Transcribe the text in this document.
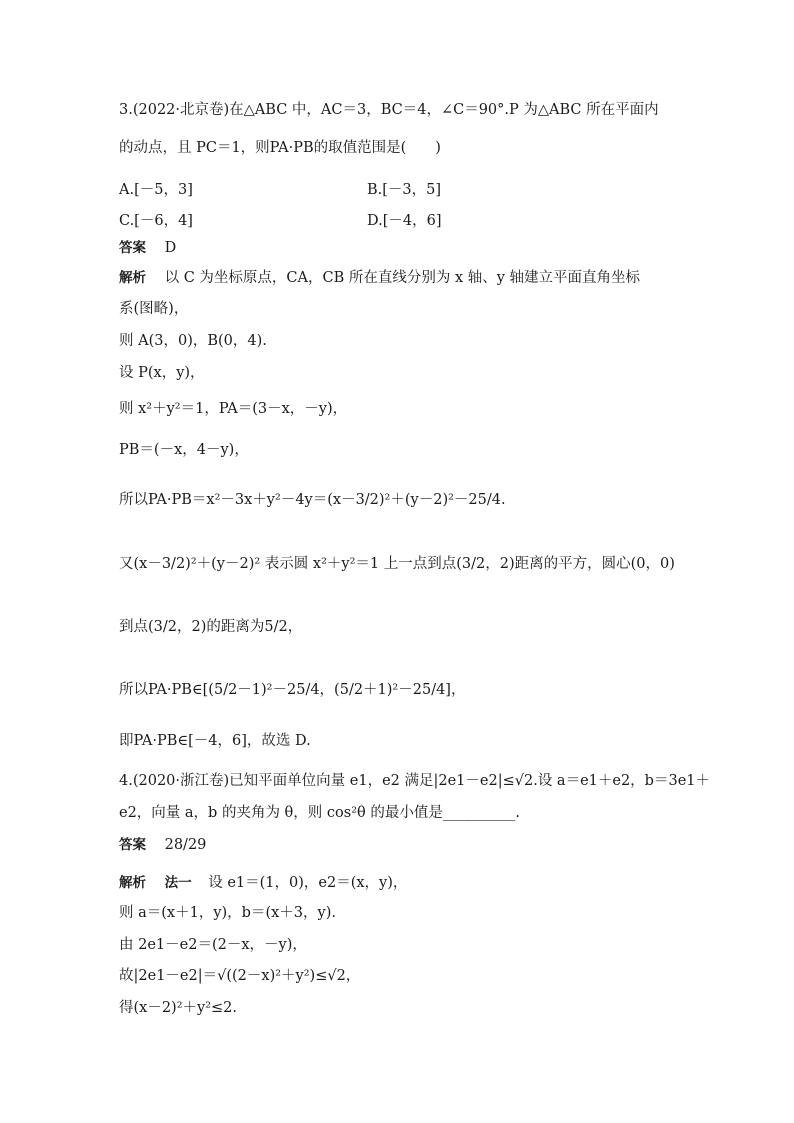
3.(2022·北京卷)在△ABC 中，AC＝3，BC＝4，∠C＝90°.P 为△ABC 所在平面内
的动点，且 PC＝1，则PA·PB的取值范围是(　　)
A.[－5，3]	B.[－3，5]
C.[－6，4]	D.[－4，6]
答案 D
解析 以 C 为坐标原点，CA，CB 所在直线分别为 x 轴、y 轴建立平面直角坐标
系(图略)，
则 A(3，0)，B(0，4).
设 P(x，y)，
则 x²＋y²＝1，PA＝(3－x，－y)，
PB＝(－x，4－y)，
所以PA·PB＝x²－3x＋y²－4y＝(x－3/2)²＋(y－2)²－25/4.
又(x－3/2)²＋(y－2)² 表示圆 x²＋y²＝1 上一点到点(3/2，2)距离的平方，圆心(0，0)
到点(3/2，2)的距离为5/2，
所以PA·PB∈[(5/2－1)²－25/4，(5/2＋1)²－25/4]，
即PA·PB∈[－4，6]，故选 D.
4.(2020·浙江卷)已知平面单位向量 e1，e2 满足|2e1－e2|≤√2.设 a＝e1＋e2，b＝3e1＋
e2，向量 a，b 的夹角为 θ，则 cos²θ 的最小值是__________.
答案 28/29
解析 法一 设 e1＝(1，0)，e2＝(x，y)，
则 a＝(x＋1，y)，b＝(x＋3，y).
由 2e1－e2＝(2－x，－y)，
故|2e1－e2|＝√((2－x)²＋y²)≤√2，
得(x－2)²＋y²≤2.
